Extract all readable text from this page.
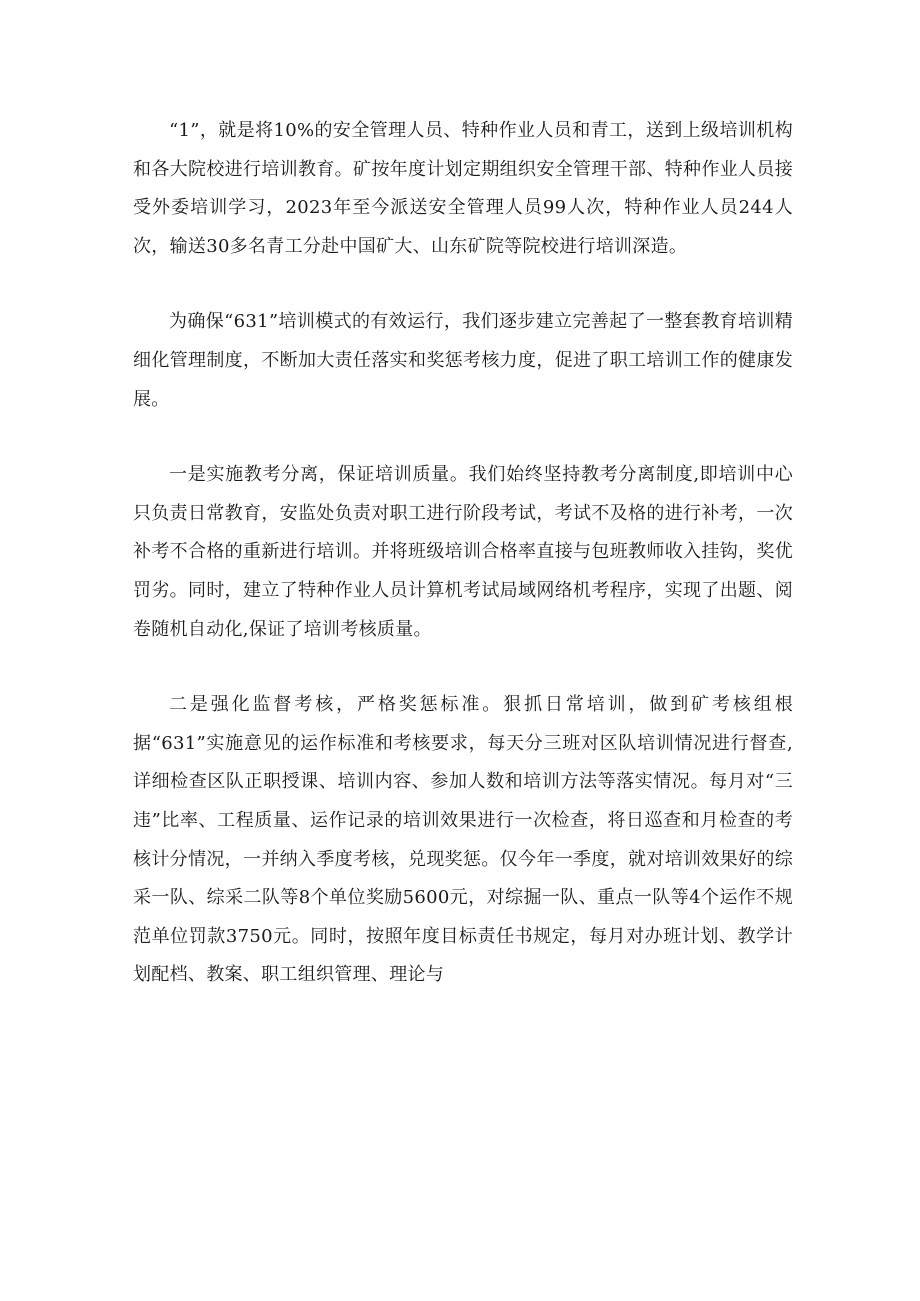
“1”，就是将10%的安全管理人员、特种作业人员和青工，送到上级培训机构和各大院校进行培训教育。矿按年度计划定期组织安全管理干部、特种作业人员接受外委培训学习，2023年至今派送安全管理人员99人次，特种作业人员244人次，输送30多名青工分赴中国矿大、山东矿院等院校进行培训深造。

为确保“631”培训模式的有效运行，我们逐步建立完善起了一整套教育培训精细化管理制度，不断加大责任落实和奖惩考核力度，促进了职工培训工作的健康发展。

一是实施教考分离，保证培训质量。我们始终坚持教考分离制度,即培训中心只负责日常教育，安监处负责对职工进行阶段考试，考试不及格的进行补考，一次补考不合格的重新进行培训。并将班级培训合格率直接与包班教师收入挂钩，奖优罚劣。同时，建立了特种作业人员计算机考试局域网络机考程序，实现了出题、阅卷随机自动化,保证了培训考核质量。

二是强化监督考核，严格奖惩标准。狠抓日常培训，做到矿考核组根据“631”实施意见的运作标准和考核要求，每天分三班对区队培训情况进行督查,详细检查区队正职授课、培训内容、参加人数和培训方法等落实情况。每月对“三违”比率、工程质量、运作记录的培训效果进行一次检查，将日巡查和月检查的考核计分情况，一并纳入季度考核，兑现奖惩。仅今年一季度，就对培训效果好的综采一队、综采二队等8个单位奖励5600元，对综掘一队、重点一队等4个运作不规范单位罚款3750元。同时，按照年度目标责任书规定，每月对办班计划、教学计划配档、教案、职工组织管理、理论与
